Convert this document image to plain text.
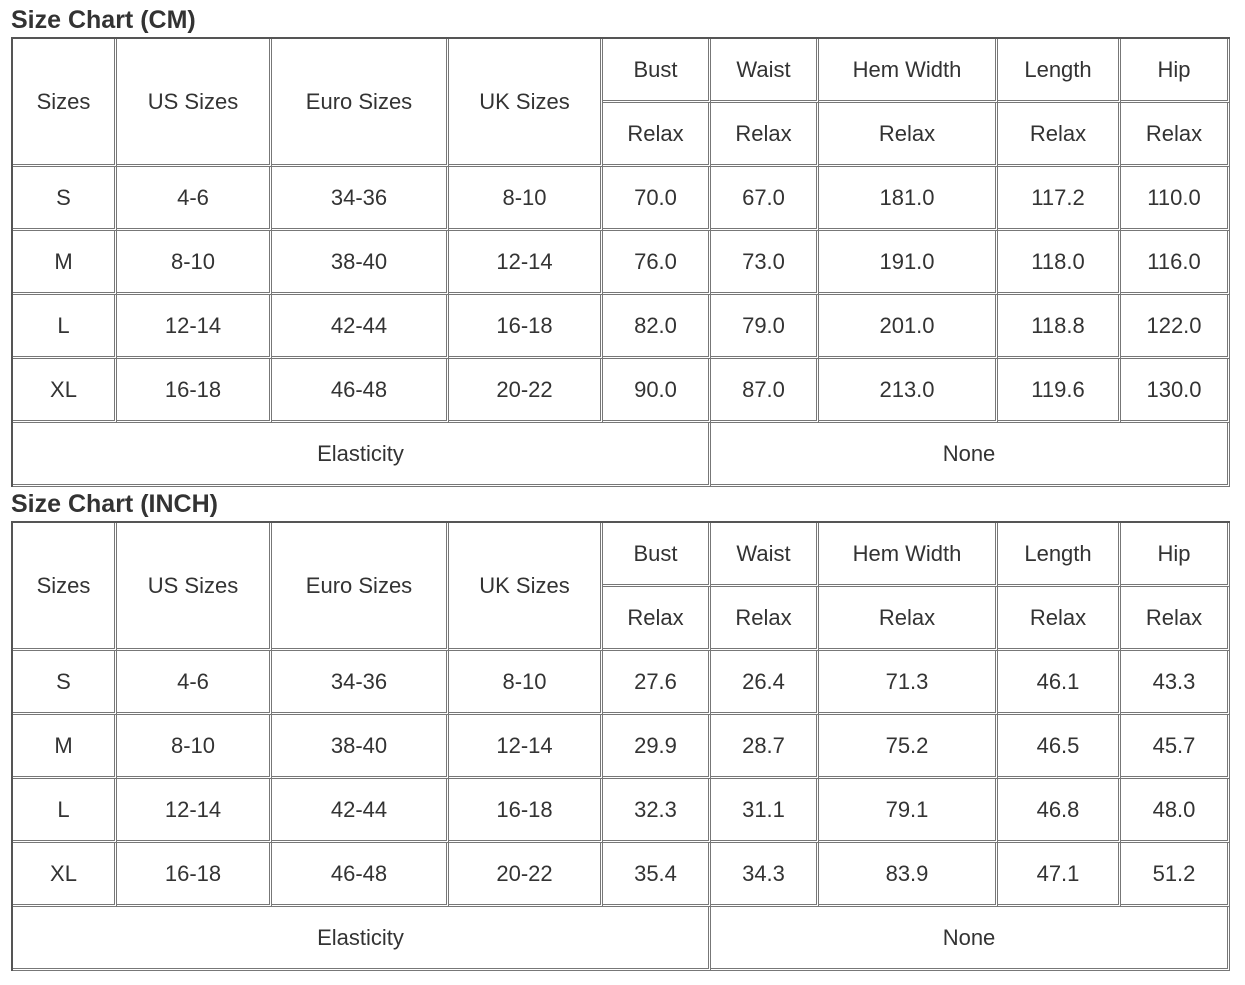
Size Chart (CM)
Sizes	US Sizes	Euro Sizes	UK Sizes	Bust	Waist	Hem Width	Length	Hip
				Relax	Relax	Relax	Relax	Relax
S	4-6	34-36	8-10	70.0	67.0	181.0	117.2	110.0
M	8-10	38-40	12-14	76.0	73.0	191.0	118.0	116.0
L	12-14	42-44	16-18	82.0	79.0	201.0	118.8	122.0
XL	16-18	46-48	20-22	90.0	87.0	213.0	119.6	130.0
Elasticity					None			
Size Chart (INCH)
Sizes	US Sizes	Euro Sizes	UK Sizes	Bust	Waist	Hem Width	Length	Hip
				Relax	Relax	Relax	Relax	Relax
S	4-6	34-36	8-10	27.6	26.4	71.3	46.1	43.3
M	8-10	38-40	12-14	29.9	28.7	75.2	46.5	45.7
L	12-14	42-44	16-18	32.3	31.1	79.1	46.8	48.0
XL	16-18	46-48	20-22	35.4	34.3	83.9	47.1	51.2
Elasticity					None			
